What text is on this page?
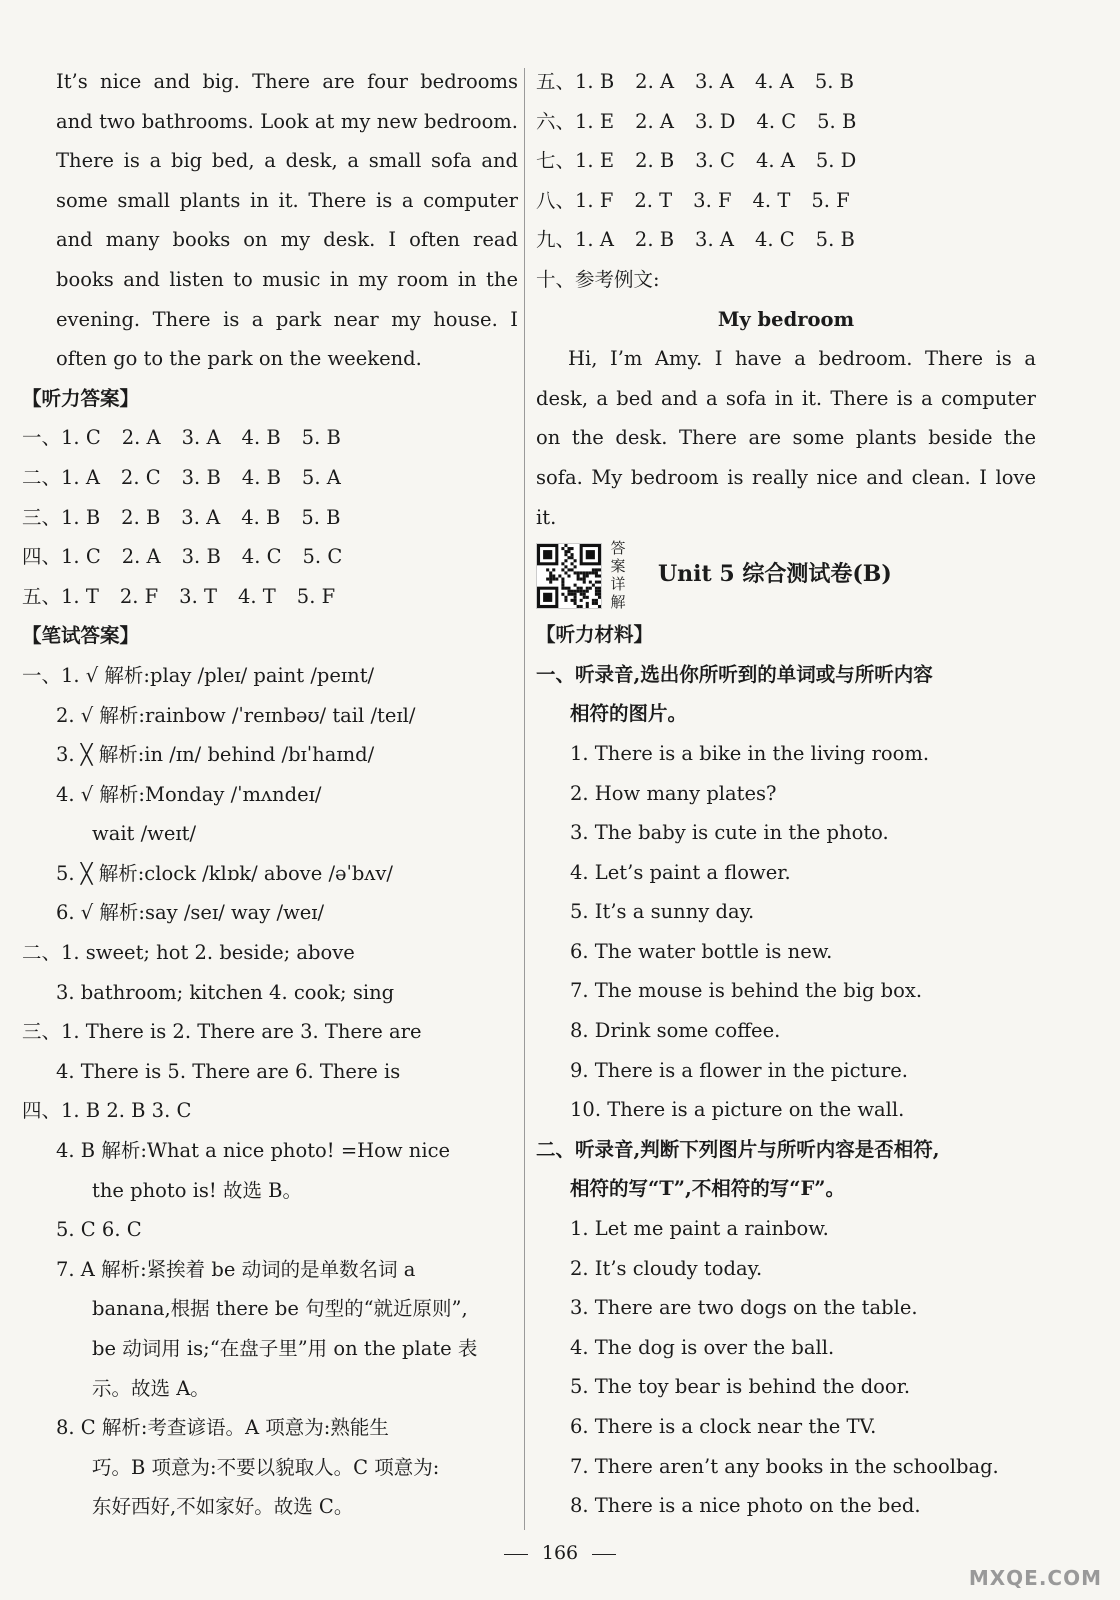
It’s nice and big. There are four bedrooms and two bathrooms. Look at my new bedroom. There is a big bed, a desk, a small sofa and some small plants in it. There is a computer and many books on my desk. I often read books and listen to music in my room in the evening. There is a park near my house. I often go to the park on the weekend.
【听力答案】
一、1. C 2. A 3. A 4. B 5. B
二、1. A 2. C 3. B 4. B 5. A
三、1. B 2. B 3. A 4. B 5. B
四、1. C 2. A 3. B 4. C 5. C
五、1. T 2. F 3. T 4. T 5. F
【笔试答案】
一、1. √ 解析:play /pleɪ/ paint /peɪnt/
2. √ 解析:rainbow /ˈreɪnbəʊ/ tail /teɪl/
3. ╳ 解析:in /ɪn/ behind /bɪˈhaɪnd/
4. √ 解析:Monday /ˈmʌndeɪ/
wait /weɪt/
5. ╳ 解析:clock /klɒk/ above /əˈbʌv/
6. √ 解析:say /seɪ/ way /weɪ/
二、1. sweet; hot 2. beside; above
3. bathroom; kitchen 4. cook; sing
三、1. There is 2. There are 3. There are
4. There is 5. There are 6. There is
四、1. B 2. B 3. C
4. B 解析:What a nice photo! =How nice
the photo is! 故选 B。
5. C 6. C
7. A 解析:紧挨着 be 动词的是单数名词 a
banana,根据 there be 句型的“就近原则”,
be 动词用 is;“在盘子里”用 on the plate 表
示。故选 A。
8. C 解析:考查谚语。A 项意为:熟能生
巧。B 项意为:不要以貌取人。C 项意为:
东好西好,不如家好。故选 C。
五、1. B 2. A 3. A 4. A 5. B
六、1. E 2. A 3. D 4. C 5. B
七、1. E 2. B 3. C 4. A 5. D
八、1. F 2. T 3. F 4. T 5. F
九、1. A 2. B 3. A 4. C 5. B
十、参考例文:
My bedroom
Hi, I’m Amy. I have a bedroom. There is a desk, a bed and a sofa in it. There is a computer on the desk. There are some plants beside the sofa. My bedroom is really nice and clean. I love it.
答案详解
Unit 5 综合测试卷(B)
【听力材料】
一、听录音,选出你所听到的单词或与所听内容
相符的图片。
1. There is a bike in the living room.
2. How many plates?
3. The baby is cute in the photo.
4. Let’s paint a flower.
5. It’s a sunny day.
6. The water bottle is new.
7. The mouse is behind the big box.
8. Drink some coffee.
9. There is a flower in the picture.
10. There is a picture on the wall.
二、听录音,判断下列图片与所听内容是否相符,
相符的写“T”,不相符的写“F”。
1. Let me paint a rainbow.
2. It’s cloudy today.
3. There are two dogs on the table.
4. The dog is over the ball.
5. The toy bear is behind the door.
6. There is a clock near the TV.
7. There aren’t any books in the schoolbag.
8. There is a nice photo on the bed.
166
MXQE.COM
